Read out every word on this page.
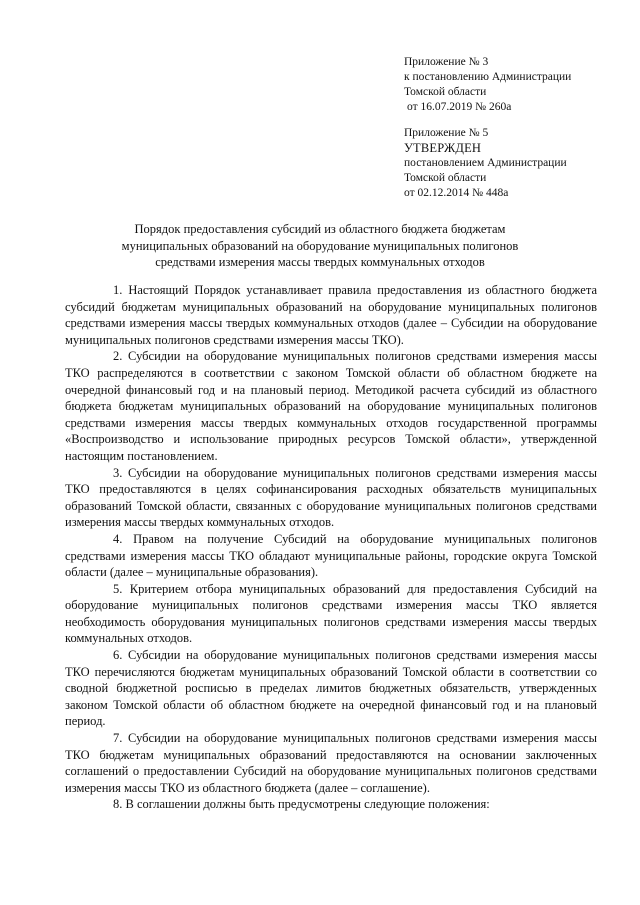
Приложение № 3
к постановлению Администрации
Томской области
от 16.07.2019 № 260а
Приложение № 5
УТВЕРЖДЕН
постановлением Администрации
Томской области
от 02.12.2014 № 448а
Порядок предоставления субсидий из областного бюджета бюджетам
муниципальных образований на оборудование муниципальных полигонов
средствами измерения массы твердых коммунальных отходов

1. Настоящий Порядок устанавливает правила предоставления из областного бюджета субсидий бюджетам муниципальных образований на оборудование муниципальных полигонов средствами измерения массы твердых коммунальных отходов (далее – Субсидии на оборудование муниципальных полигонов средствами измерения массы ТКО).

2. Субсидии на оборудование муниципальных полигонов средствами измерения массы ТКО распределяются в соответствии с законом Томской области об областном бюджете на очередной финансовый год и на плановый период. Методикой расчета субсидий из областного бюджета бюджетам муниципальных образований на оборудование муниципальных полигонов средствами измерения массы твердых коммунальных отходов государственной программы «Воспроизводство и использование природных ресурсов Томской области», утвержденной настоящим постановлением.

3. Субсидии на оборудование муниципальных полигонов средствами измерения массы ТКО предоставляются в целях софинансирования расходных обязательств муниципальных образований Томской области, связанных с оборудование муниципальных полигонов средствами измерения массы твердых коммунальных отходов.

4. Правом на получение Субсидий на оборудование муниципальных полигонов средствами измерения массы ТКО обладают муниципальные районы, городские округа Томской области (далее – муниципальные образования).

5. Критерием отбора муниципальных образований для предоставления Субсидий на оборудование муниципальных полигонов средствами измерения массы ТКО является необходимость оборудования муниципальных полигонов средствами измерения массы твердых коммунальных отходов.

6. Субсидии на оборудование муниципальных полигонов средствами измерения массы ТКО перечисляются бюджетам муниципальных образований Томской области в соответствии со сводной бюджетной росписью в пределах лимитов бюджетных обязательств, утвержденных законом Томской области об областном бюджете на очередной финансовый год и на плановый период.

7. Субсидии на оборудование муниципальных полигонов средствами измерения массы ТКО бюджетам муниципальных образований предоставляются на основании заключенных соглашений о предоставлении Субсидий на оборудование муниципальных полигонов средствами измерения массы ТКО из областного бюджета (далее – соглашение).

8. В соглашении должны быть предусмотрены следующие положения:
